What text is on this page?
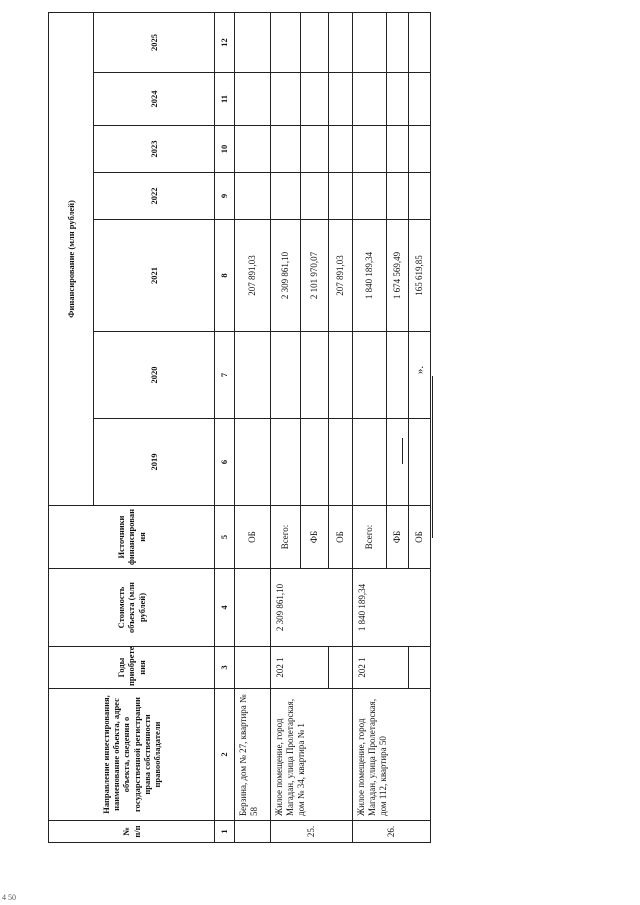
№ п/п	Направление инвестирования, наименование объекта, адрес объекта, сведения о государственной регистрации права собственности правообладатели	Годы приобрете ния	Стоимость объекта (млн рублей)	Источники финансирован ия	Финансирование (млн рублей)						
					2019	2020	2021	2022	2023	2024	2025
1	2	3	4	5	6	7	8	9	10	11	12
	Берзина, дом № 27, квартира № 58			ОБ			207 891,03				
25.	Жилое помещение, город Магадан, улица Пролетарская, дом № 34, квартира № 1	202 1	2 309 861,10	Всего:			2 309 861,10				
				ФБ			2 101 970,07				
				ОБ			207 891,03				
26.	Жилое помещение, город Магадан, улица Пролетарская, дом 112, квартира 50	202 1	1 840 189,34	Всего:			1 840 189,34				
				ФБ			1 674 569,49				
				ОБ			165 619,85				
».
4 50
